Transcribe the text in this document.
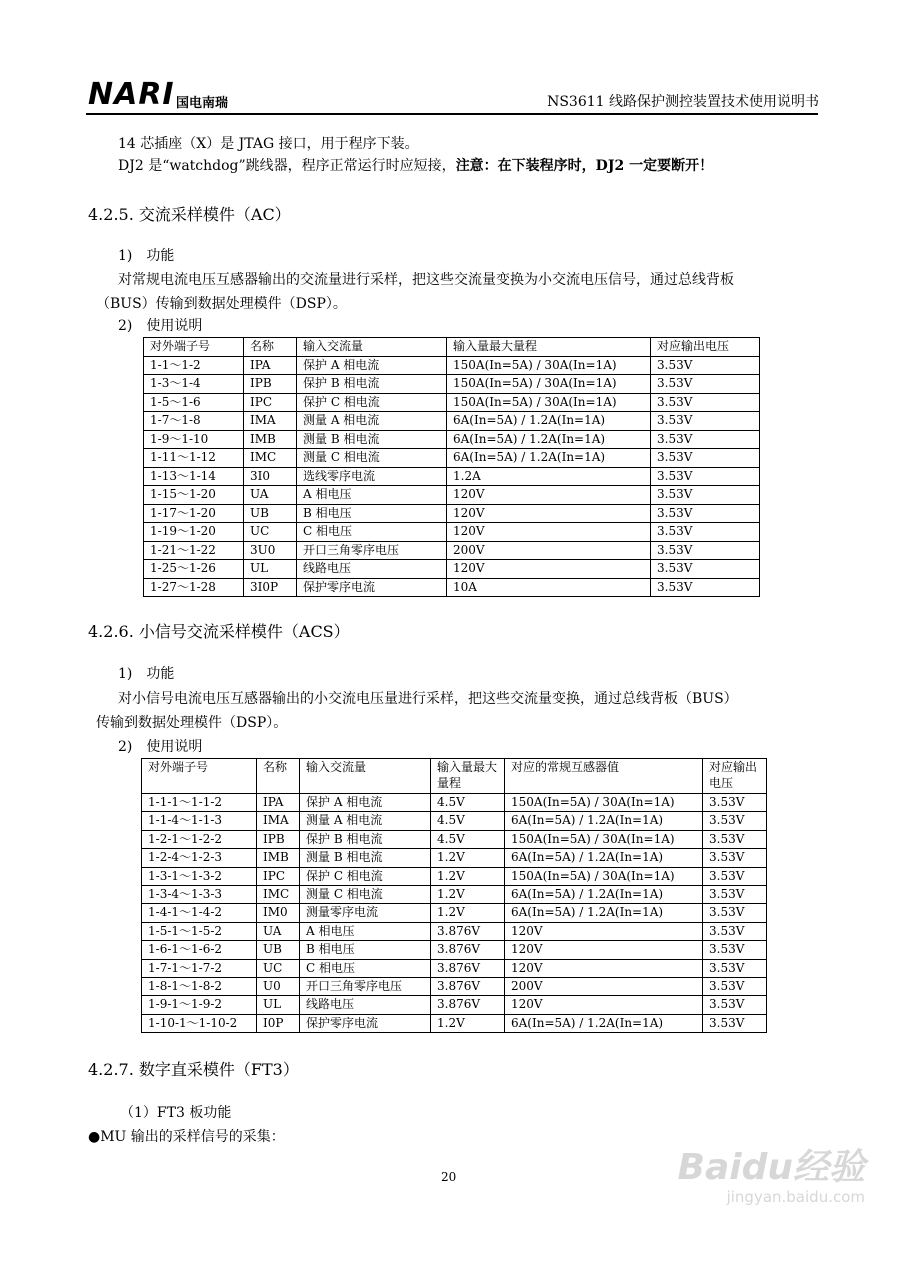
NARI 国电南瑞	NS3611 线路保护测控装置技术使用说明书
14 芯插座（X）是 JTAG 接口，用于程序下装。
DJ2 是“watchdog”跳线器，程序正常运行时应短接，注意：在下装程序时，DJ2 一定要断开！
4.2.5. 交流采样模件（AC）
1)　功能
对常规电流电压互感器输出的交流量进行采样，把这些交流量变换为小交流电压信号，通过总线背板
（BUS）传输到数据处理模件（DSP）。
2)　使用说明
对外端子号	名称	输入交流量	输入量最大量程	对应输出电压
1-1～1-2	IPA	保护 A 相电流	150A(In=5A) / 30A(In=1A)	3.53V
1-3～1-4	IPB	保护 B 相电流	150A(In=5A) / 30A(In=1A)	3.53V
1-5～1-6	IPC	保护 C 相电流	150A(In=5A) / 30A(In=1A)	3.53V
1-7～1-8	IMA	测量 A 相电流	6A(In=5A) / 1.2A(In=1A)	3.53V
1-9～1-10	IMB	测量 B 相电流	6A(In=5A) / 1.2A(In=1A)	3.53V
1-11～1-12	IMC	测量 C 相电流	6A(In=5A) / 1.2A(In=1A)	3.53V
1-13～1-14	3I0	选线零序电流	1.2A	3.53V
1-15～1-20	UA	A 相电压	120V	3.53V
1-17～1-20	UB	B 相电压	120V	3.53V
1-19～1-20	UC	C 相电压	120V	3.53V
1-21～1-22	3U0	开口三角零序电压	200V	3.53V
1-25～1-26	UL	线路电压	120V	3.53V
1-27～1-28	3I0P	保护零序电流	10A	3.53V
4.2.6. 小信号交流采样模件（ACS）
1)　功能
对小信号电流电压互感器输出的小交流电压量进行采样，把这些交流量变换，通过总线背板（BUS）
传输到数据处理模件（DSP）。
2)　使用说明
对外端子号	名称	输入交流量	输入量最大量程	对应的常规互感器值	对应输出电压
1-1-1～1-1-2	IPA	保护 A 相电流	4.5V	150A(In=5A) / 30A(In=1A)	3.53V
1-1-4～1-1-3	IMA	测量 A 相电流	4.5V	6A(In=5A) / 1.2A(In=1A)	3.53V
1-2-1～1-2-2	IPB	保护 B 相电流	4.5V	150A(In=5A) / 30A(In=1A)	3.53V
1-2-4～1-2-3	IMB	测量 B 相电流	1.2V	6A(In=5A) / 1.2A(In=1A)	3.53V
1-3-1～1-3-2	IPC	保护 C 相电流	1.2V	150A(In=5A) / 30A(In=1A)	3.53V
1-3-4～1-3-3	IMC	测量 C 相电流	1.2V	6A(In=5A) / 1.2A(In=1A)	3.53V
1-4-1～1-4-2	IM0	测量零序电流	1.2V	6A(In=5A) / 1.2A(In=1A)	3.53V
1-5-1～1-5-2	UA	A 相电压	3.876V	120V	3.53V
1-6-1～1-6-2	UB	B 相电压	3.876V	120V	3.53V
1-7-1～1-7-2	UC	C 相电压	3.876V	120V	3.53V
1-8-1～1-8-2	U0	开口三角零序电压	3.876V	200V	3.53V
1-9-1～1-9-2	UL	线路电压	3.876V	120V	3.53V
1-10-1～1-10-2	I0P	保护零序电流	1.2V	6A(In=5A) / 1.2A(In=1A)	3.53V
4.2.7. 数字直采模件（FT3）
（1）FT3 板功能
●MU 输出的采样信号的采集：
20	Baidu经验
jingyan.baidu.com
